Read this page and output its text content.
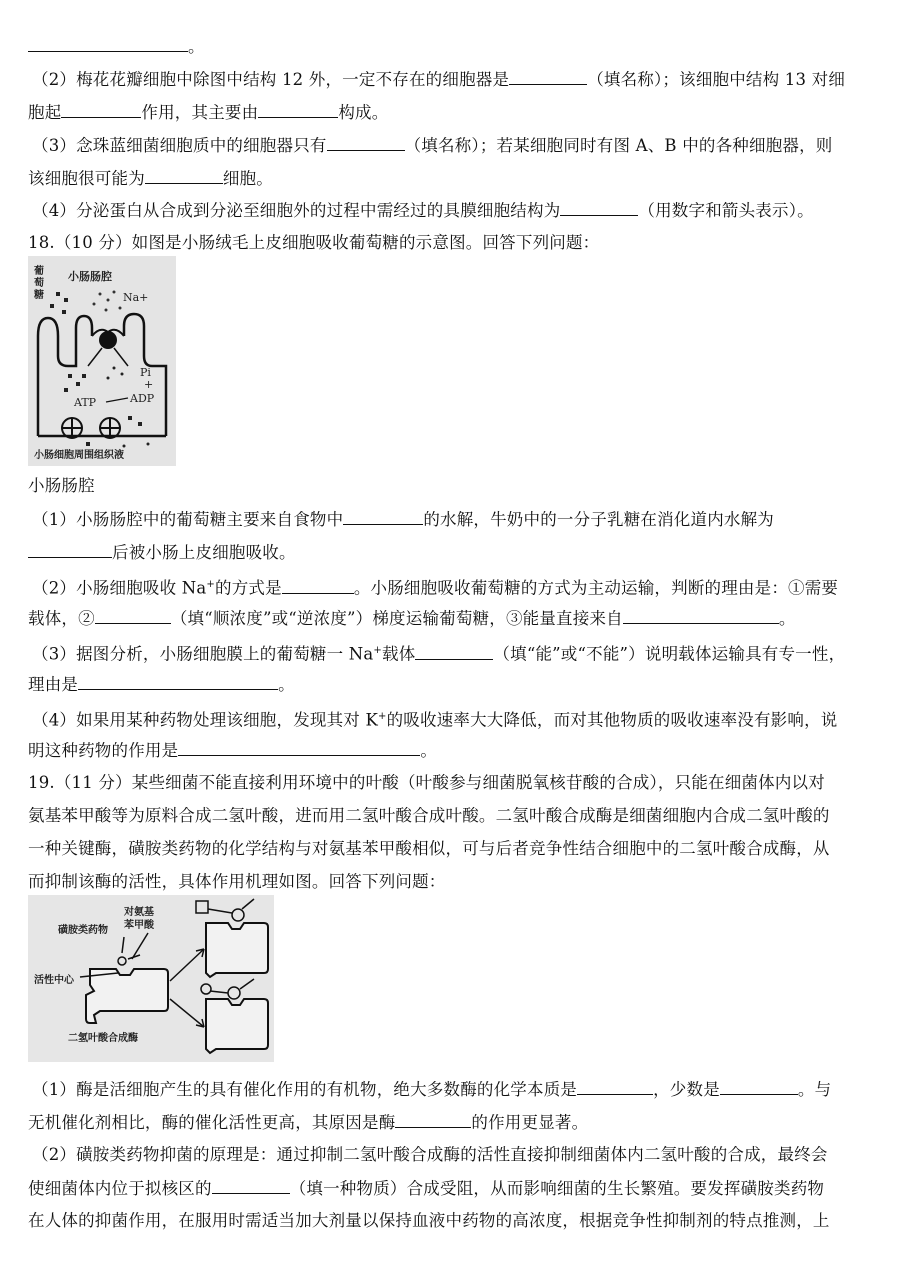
。
（2）梅花花瓣细胞中除图中结构 12 外，一定不存在的细胞器是	（填名称）；该细胞中结构 13 对细
胞起	作用，其主要由	构成。
（3）念珠蓝细菌细胞质中的细胞器只有	（填名称）；若某细胞同时有图 A、B 中的各种细胞器，则
该细胞很可能为	细胞。
（4）分泌蛋白从合成到分泌至细胞外的过程中需经过的具膜细胞结构为	（用数字和箭头表示）。
18.（10 分）如图是小肠绒毛上皮细胞吸收葡萄糖的示意图。回答下列问题：
小肠肠腔
葡
萄
糖	Na+
Pi
+
ATP	ADP
小肠细胞周围组织液
小肠肠腔
（1）小肠肠腔中的葡萄糖主要来自食物中	的水解，牛奶中的一分子乳糖在消化道内水解为
后被小肠上皮细胞吸收。
（2）小肠细胞吸收 Na+的方式是	。小肠细胞吸收葡萄糖的方式为主动运输，判断的理由是：①需要
载体，②	（填“顺浓度”或“逆浓度”）梯度运输葡萄糖，③能量直接来自	。
（3）据图分析，小肠细胞膜上的葡萄糖一 Na+载体	（填“能”或“不能”）说明载体运输具有专一性，
理由是	。
（4）如果用某种药物处理该细胞，发现其对 K+的吸收速率大大降低，而对其他物质的吸收速率没有影响，说
明这种药物的作用是	。
19.（11 分）某些细菌不能直接利用环境中的叶酸（叶酸参与细菌脱氧核苷酸的合成），只能在细菌体内以对
氨基苯甲酸等为原料合成二氢叶酸，进而用二氢叶酸合成叶酸。二氢叶酸合成酶是细菌细胞内合成二氢叶酸的
一种关键酶，磺胺类药物的化学结构与对氨基苯甲酸相似，可与后者竞争性结合细胞中的二氢叶酸合成酶，从
而抑制该酶的活性，具体作用机理如图。回答下列问题：
对氨基
苯甲酸
磺胺类药物
活性中心
二氢叶酸合成酶
（1）酶是活细胞产生的具有催化作用的有机物，绝大多数酶的化学本质是	，少数是	。与
无机催化剂相比，酶的催化活性更高，其原因是酶	的作用更显著。
（2）磺胺类药物抑菌的原理是：通过抑制二氢叶酸合成酶的活性直接抑制细菌体内二氢叶酸的合成，最终会
使细菌体内位于拟核区的	（填一种物质）合成受阻，从而影响细菌的生长繁殖。要发挥磺胺类药物
在人体的抑菌作用，在服用时需适当加大剂量以保持血液中药物的高浓度，根据竞争性抑制剂的特点推测，上
